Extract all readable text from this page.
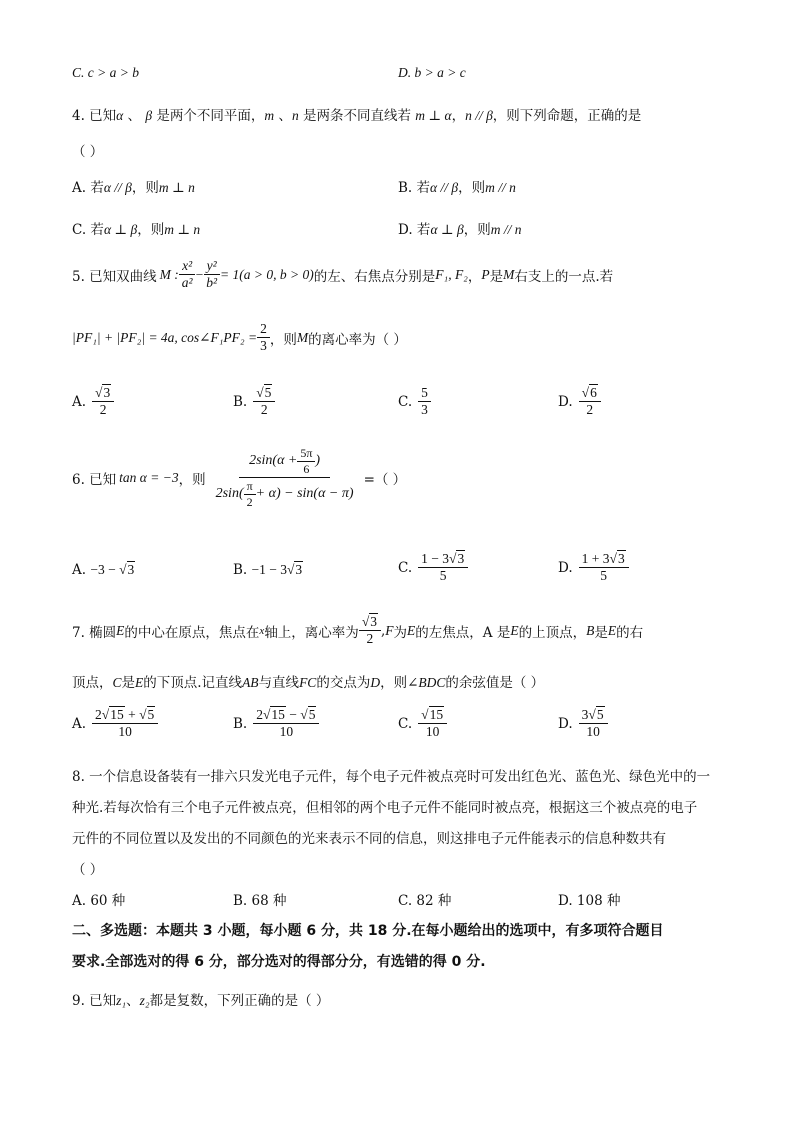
C. c > a > b	D. b > a > c
4. 已知α 、 β 是两个不同平面，m 、n 是两条不同直线若 m ⊥ α，n // β，则下列命题，正确的是
（ ）
A. 若α // β，则m ⊥ n	B. 若α // β，则m // n
C. 若α ⊥ β，则m ⊥ n	D. 若α ⊥ β，则m // n
5. 已知双曲线 M : $\frac{\text{x²}}{\text{a²}} - \frac{\text{y²}}{\text{b²}} = 1(a > 0$, b > 0) 的左、右焦点分别是 F₁, F₂ ， P 是 M 右支上的一点.若
|PF₁| + |PF₂| = 4a, cos∠F₁PF₂ = $\frac{2}{3}$ ，则 M 的离心率为（ ）
A. $\frac{√3}{2}$	B. $\frac{√5}{2}$	C. $\frac{5}{3}$	D. $\frac{√6}{2}$
6. 已知 tan α = −3 ，则 $\frac{2\sin(\alpha + \frac{5\pi}{6} )}{2\sin( \frac{\pi}{2} + \alpha) - \sin(\alpha - \pi)}$ =（ ）
A. −3 − √3	B. −1 − 3√3	C. $\frac{1 - 3√3}{5}$	D. $\frac{1 + 3√3}{5}$
7. 椭圆 E 的中心在原点，焦点在 x 轴上，离心率为 $\frac{√3}{2}$ , F 为 E 的左焦点，A 是 E 的上顶点， B 是 E 的右
顶点，C是E的下顶点.记直线AB与直线FC的交点为D，则∠BDC的余弦值是（ ）
A. $\frac{2√15 + √5}{10}$	B. $\frac{2√15 - √5}{10}$	C. $\frac{√15}{10}$	D. $\frac{3√5}{10}$
8. 一个信息设备装有一排六只发光电子元件，每个电子元件被点亮时可发出红色光、蓝色光、绿色光中的一
种光.若每次恰有三个电子元件被点亮，但相邻的两个电子元件不能同时被点亮，根据这三个被点亮的电子
元件的不同位置以及发出的不同颜色的光来表示不同的信息，则这排电子元件能表示的信息种数共有
（ ）
A. 60 种	B. 68 种	C. 82 种	D. 108 种
二、多选题：本题共 3 小题，每小题 6 分，共 18 分.在每小题给出的选项中，有多项符合题目
要求.全部选对的得 6 分，部分选对的得部分分，有选错的得 0 分.
9. 已知z₁、z₂都是复数，下列正确的是（ ）
